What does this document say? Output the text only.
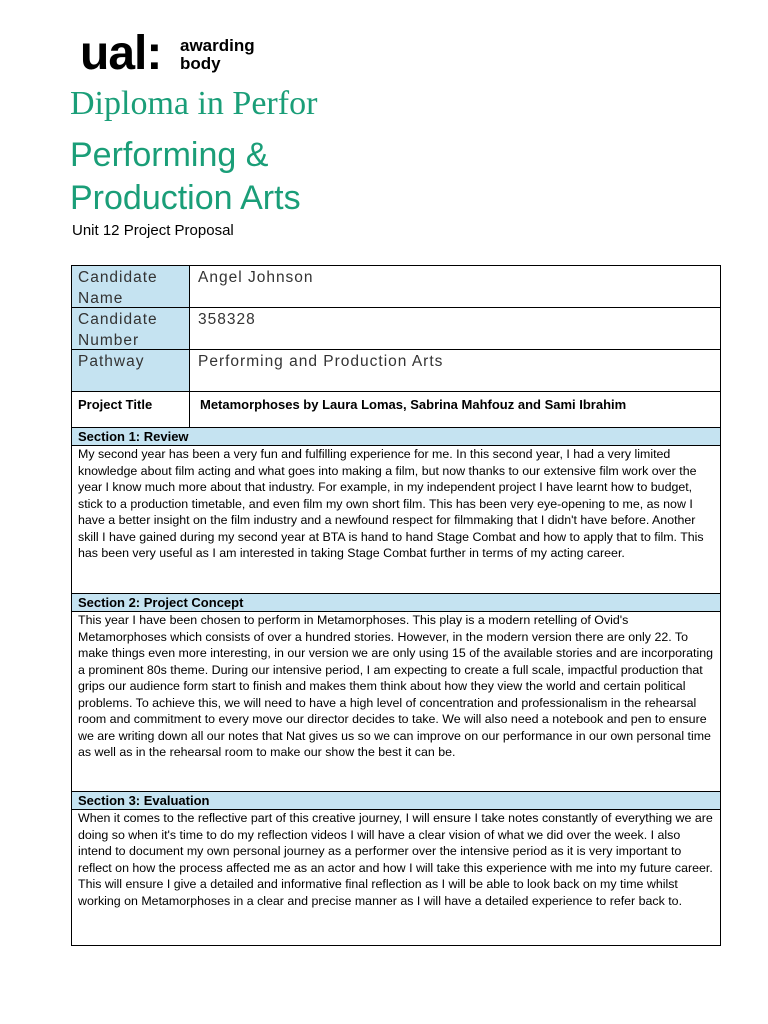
ual: awarding
body
Diploma in Perfor
Performing &
Production Arts
Unit 12 Project Proposal
Candidate Name
Angel Johnson
Candidate Number
358328
Pathway	Performing and Production Arts
Project Title	Metamorphoses by Laura Lomas, Sabrina Mahfouz and Sami Ibrahim
Section 1: Review
My second year has been a very fun and fulfilling experience for me. In this second year, I had a very limited knowledge about film acting and what goes into making a film, but now thanks to our extensive film work over the year I know much more about that industry. For example, in my independent project I have learnt how to budget, stick to a production timetable, and even film my own short film. This has been very eye-opening to me, as now I have a better insight on the film industry and a newfound respect for filmmaking that I didn't have before. Another skill I have gained during my second year at BTA is hand to hand Stage Combat and how to apply that to film. This has been very useful as I am interested in taking Stage Combat further in terms of my acting career.
Section 2: Project Concept
This year I have been chosen to perform in Metamorphoses. This play is a modern retelling of Ovid's Metamorphoses which consists of over a hundred stories. However, in the modern version there are only 22. To make things even more interesting, in our version we are only using 15 of the available stories and are incorporating a prominent 80s theme. During our intensive period, I am expecting to create a full scale, impactful production that grips our audience form start to finish and makes them think about how they view the world and certain political problems. To achieve this, we will need to have a high level of concentration and professionalism in the rehearsal room and commitment to every move our director decides to take. We will also need a notebook and pen to ensure we are writing down all our notes that Nat gives us so we can improve on our performance in our own personal time as well as in the rehearsal room to make our show the best it can be.
Section 3: Evaluation
When it comes to the reflective part of this creative journey, I will ensure I take notes constantly of everything we are doing so when it's time to do my reflection videos I will have a clear vision of what we did over the week. I also intend to document my own personal journey as a performer over the intensive period as it is very important to reflect on how the process affected me as an actor and how I will take this experience with me into my future career. This will ensure I give a detailed and informative final reflection as I will be able to look back on my time whilst working on Metamorphoses in a clear and precise manner as I will have a detailed experience to refer back to.
